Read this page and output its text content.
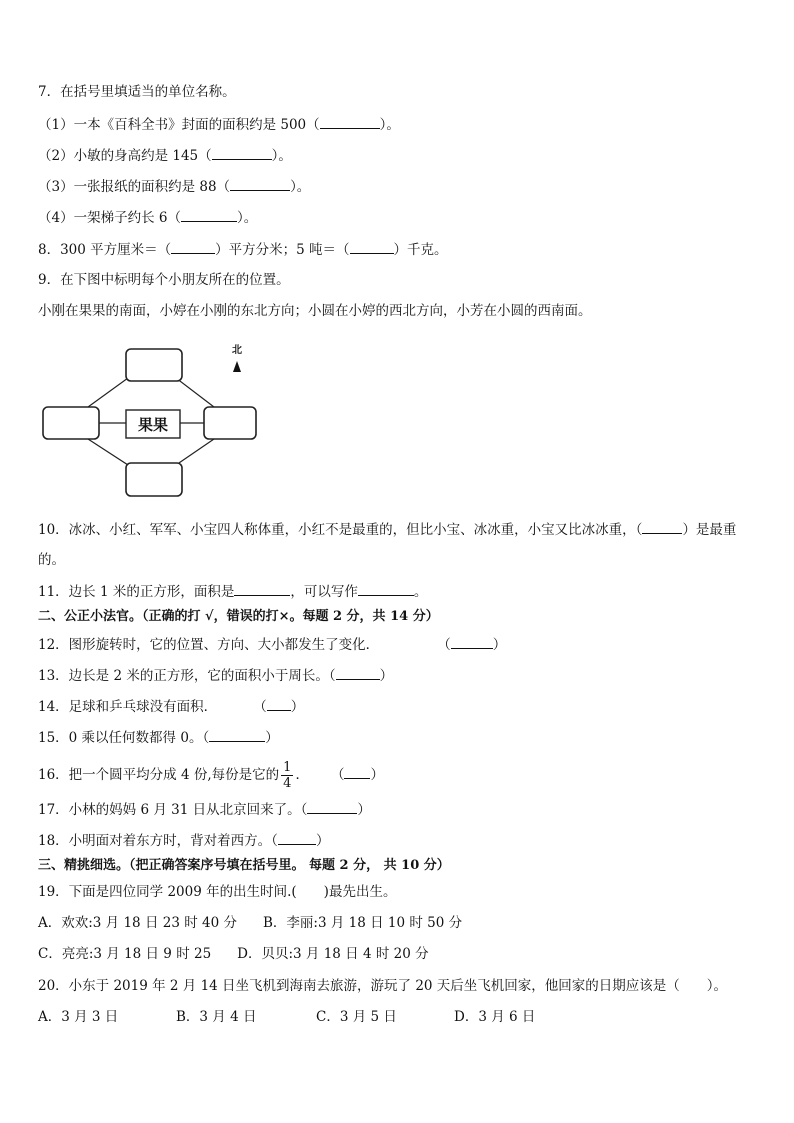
7．在括号里填适当的单位名称。
（1）一本《百科全书》封面的面积约是 500（	）。
（2）小敏的身高约是 145（	）。
（3）一张报纸的面积约是 88（	）。
（4）一架梯子约长 6（	）。
8．300 平方厘米＝（	）平方分米；5 吨＝（	）千克。
9．在下图中标明每个小朋友所在的位置。
小刚在果果的南面，小婷在小刚的东北方向；小圆在小婷的西北方向，小芳在小圆的西南面。
果果
北
10．冰冰、小红、军军、小宝四人称体重，小红不是最重的，但比小宝、冰冰重，小宝又比冰冰重，（	）是最重
的。
11．边长 1 米的正方形，面积是	，可以写作	。
二、公正小法官。（正确的打 √，错误的打×。每题 2 分，共 14 分）
12．图形旋转时，它的位置、方向、大小都发生了变化．	（	）
13．边长是 2 米的正方形，它的面积小于周长。（	）
14．足球和乒乓球没有面积．	（ ）
15．0 乘以任何数都得 0。（	）
16．把一个圆平均分成 4 份,每份是它的 $\frac{1}{4}$ ． （ ）
17．小林的妈妈 6 月 31 日从北京回来了。（	）
18．小明面对着东方时，背对着西方。（	）
三、精挑细选。（把正确答案序号填在括号里。 每题 2 分， 共 10 分）
19．下面是四位同学 2009 年的出生时间.(　　)最先出生。
A．欢欢:3 月 18 日 23 时 40 分 B．李丽:3 月 18 日 10 时 50 分
C．亮亮:3 月 18 日 9 时 25 D．贝贝:3 月 18 日 4 时 20 分
20．小东于 2019 年 2 月 14 日坐飞机到海南去旅游，游玩了 20 天后坐飞机回家，他回家的日期应该是（　　）。
A．3 月 3 日	B．3 月 4 日	C．3 月 5 日	D．3 月 6 日
